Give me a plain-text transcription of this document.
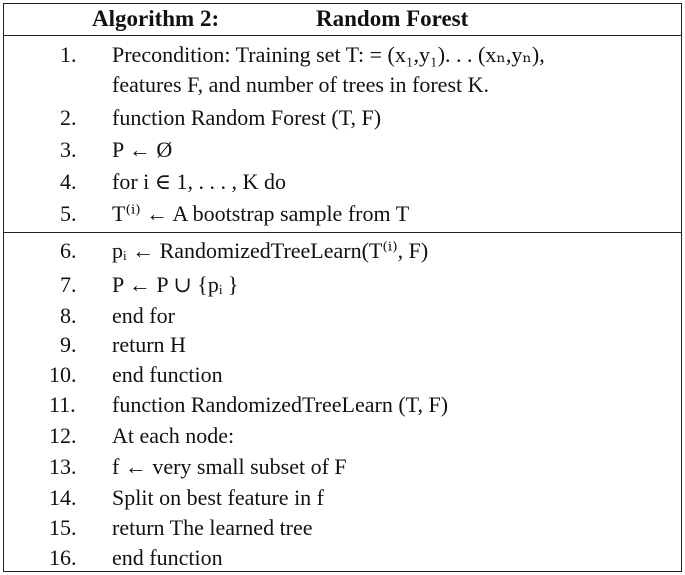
Algorithm 2:	Random Forest
1. Precondition: Training set T: = (x₁,y₁). . . (xₙ,yₙ),
features F, and number of trees in forest K.
2. function Random Forest (T, F)
3. P ← Ø
4. for i ∈ 1, . . . , K do
5. T⁽ⁱ⁾ ← A bootstrap sample from T
6. pᵢ ← RandomizedTreeLearn(T⁽ⁱ⁾, F)
7. P ← P ∪ {pᵢ }
8. end for
9. return H
10. end function
11. function RandomizedTreeLearn (T, F)
12. At each node:
13. f ← very small subset of F
14. Split on best feature in f
15. return The learned tree
16. end function
